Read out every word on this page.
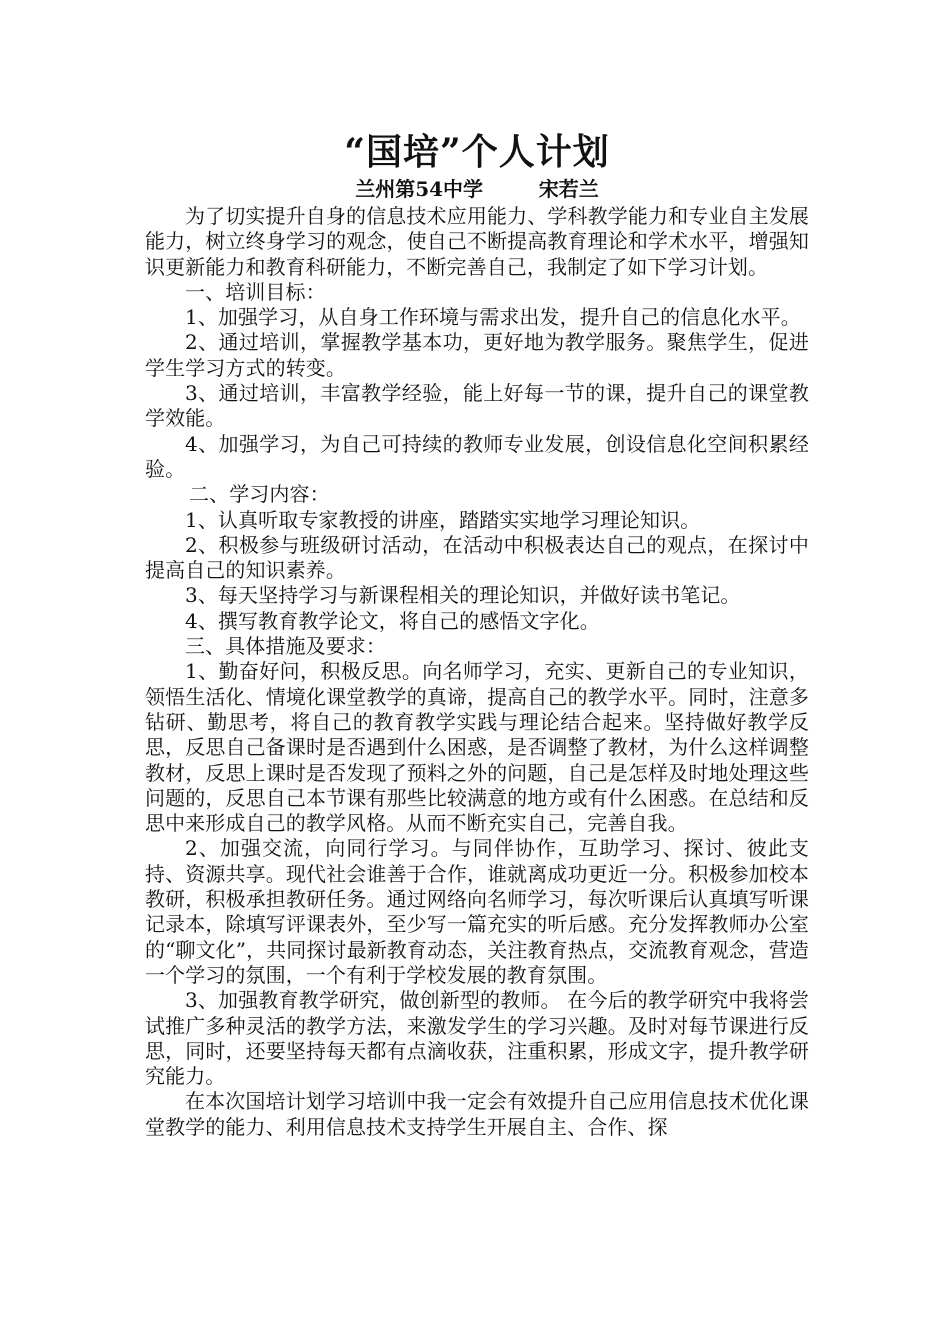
“国培”个人计划
兰州第54中学        宋若兰

为了切实提升自身的信息技术应用能力、学科教学能力和专业自主发展能力，树立终身学习的观念，使自己不断提高教育理论和学术水平，增强知识更新能力和教育科研能力，不断完善自己，我制定了如下学习计划。

一、培训目标：

1、加强学习，从自身工作环境与需求出发，提升自己的信息化水平。

2、通过培训，掌握教学基本功，更好地为教学服务。聚焦学生，促进学生学习方式的转变。

3、通过培训，丰富教学经验，能上好每一节的课，提升自己的课堂教学效能。

4、加强学习，为自己可持续的教师专业发展，创设信息化空间积累经验。

二、学习内容：

1、认真听取专家教授的讲座，踏踏实实地学习理论知识。

2、积极参与班级研讨活动，在活动中积极表达自己的观点，在探讨中提高自己的知识素养。

3、每天坚持学习与新课程相关的理论知识，并做好读书笔记。

4、撰写教育教学论文，将自己的感悟文字化。

三、具体措施及要求：

1、勤奋好问，积极反思。向名师学习，充实、更新自己的专业知识，领悟生活化、情境化课堂教学的真谛，提高自己的教学水平。同时，注意多钻研、勤思考，将自己的教育教学实践与理论结合起来。坚持做好教学反思，反思自己备课时是否遇到什么困惑，是否调整了教材，为什么这样调整教材，反思上课时是否发现了预料之外的问题，自己是怎样及时地处理这些问题的，反思自己本节课有那些比较满意的地方或有什么困惑。在总结和反思中来形成自己的教学风格。从而不断充实自己，完善自我。

2、加强交流，向同行学习。与同伴协作，互助学习、探讨、彼此支持、资源共享。现代社会谁善于合作，谁就离成功更近一分。积极参加校本教研，积极承担教研任务。通过网络向名师学习，每次听课后认真填写听课记录本，除填写评课表外，至少写一篇充实的听后感。充分发挥教师办公室的“聊文化”，共同探讨最新教育动态，关注教育热点，交流教育观念，营造一个学习的氛围，一个有利于学校发展的教育氛围。

3、加强教育教学研究，做创新型的教师。 在今后的教学研究中我将尝试推广多种灵活的教学方法，来激发学生的学习兴趣。及时对每节课进行反思，同时，还要坚持每天都有点滴收获，注重积累，形成文字，提升教学研究能力。

在本次国培计划学习培训中我一定会有效提升自己应用信息技术优化课堂教学的能力、利用信息技术支持学生开展自主、合作、探
